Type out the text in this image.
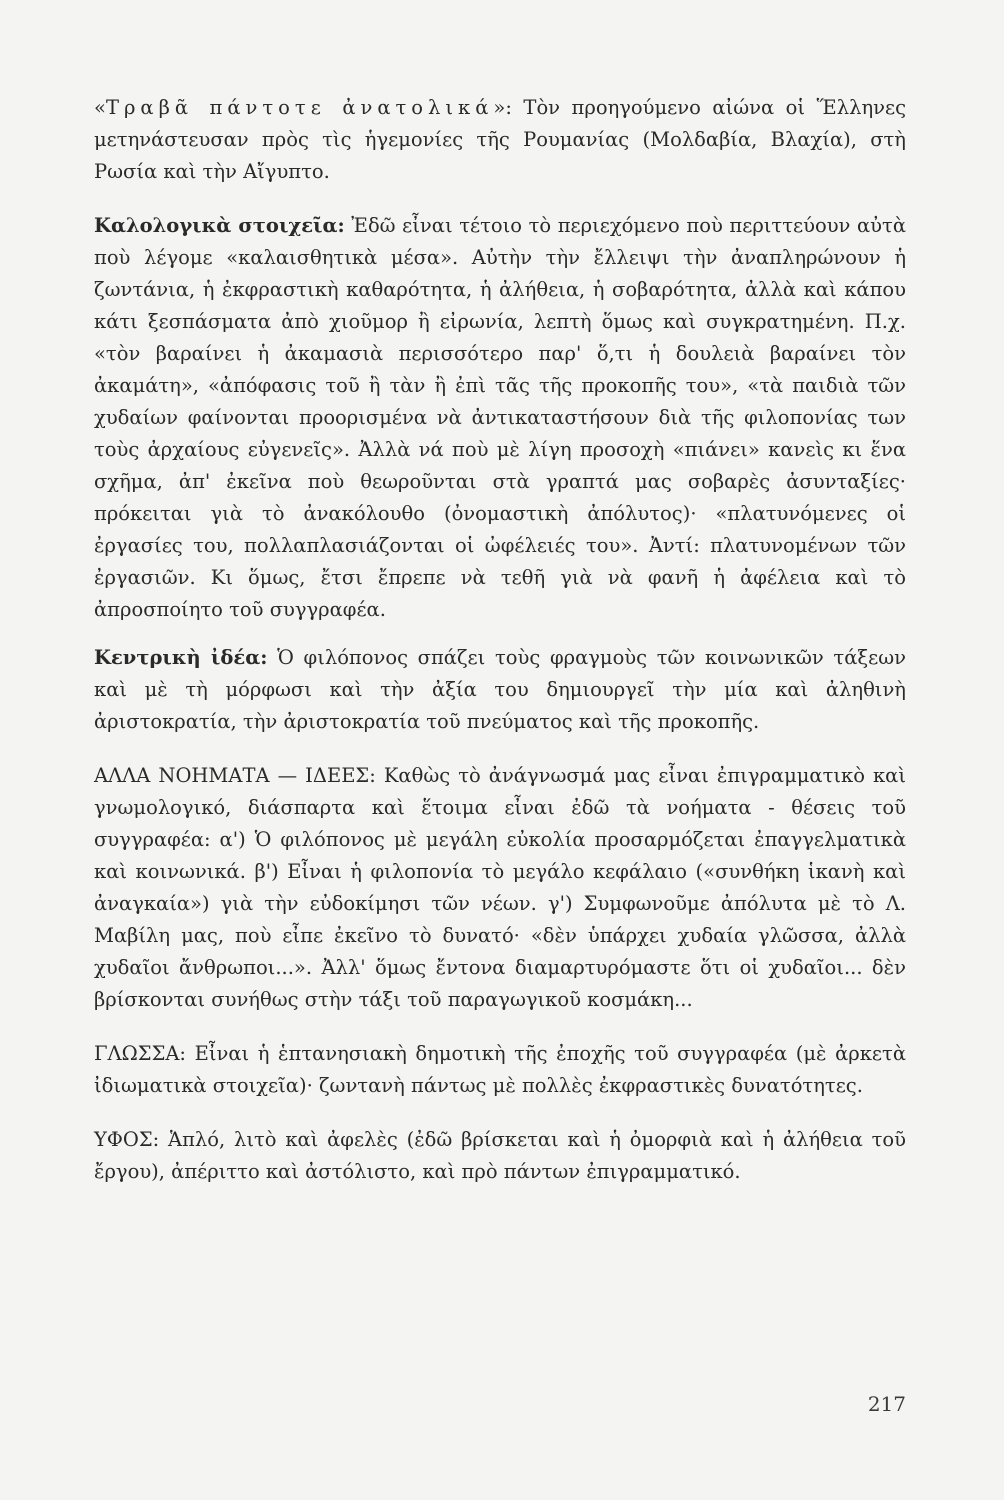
«Τραβᾶ πάντοτε ἀνατολικά»: Τὸν προηγούμενο αἰώνα οἱ Ἕλληνες μετηνάστευσαν πρὸς τὶς ἡγεμονίες τῆς Ρουμανίας (Μολδαβία, Βλαχία), στὴ Ρωσία καὶ τὴν Αἴγυπτο.

Καλολογικὰ στοιχεῖα: Ἐδῶ εἶναι τέτοιο τὸ περιεχόμενο ποὺ περιττεύουν αὐτὰ ποὺ λέγομε «καλαισθητικὰ μέσα». Αὐτὴν τὴν ἔλλειψι τὴν ἀναπληρώνουν ἡ ζωντάνια, ἡ ἐκφραστικὴ καθαρότητα, ἡ ἀλήθεια, ἡ σοβαρότητα, ἀλλὰ καὶ κάπου κάτι ξεσπάσματα ἀπὸ χιοῦμορ ἢ εἰρωνία, λεπτὴ ὅμως καὶ συγκρατημένη. Π.χ. «τὸν βαραίνει ἡ ἀκαμασιὰ περισσότερο παρ' ὅ,τι ἡ δουλειὰ βαραίνει τὸν ἀκαμάτη», «ἀπόφασις τοῦ ἢ τὰν ἢ ἐπὶ τᾶς τῆς προκοπῆς του», «τὰ παιδιὰ τῶν χυδαίων φαίνονται προορισμένα νὰ ἀντικαταστήσουν διὰ τῆς φιλοπονίας των τοὺς ἀρχαίους εὐγενεῖς». Ἀλλὰ νά ποὺ μὲ λίγη προσοχὴ «πιάνει» κανεὶς κι ἕνα σχῆμα, ἀπ' ἐκεῖνα ποὺ θεωροῦνται στὰ γραπτά μας σοβαρὲς ἀσυνταξίες· πρόκειται γιὰ τὸ ἀνακόλουθο (ὀνομαστικὴ ἀπόλυτος)· «πλατυνόμενες οἱ ἐργασίες του, πολλαπλασιάζονται οἱ ὠφέλειές του». Ἀντί: πλατυνομένων τῶν ἐργασιῶν. Κι ὅμως, ἔτσι ἔπρεπε νὰ τεθῆ γιὰ νὰ φανῆ ἡ ἀφέλεια καὶ τὸ ἀπροσποίητο τοῦ συγγραφέα.

Κεντρικὴ ἰδέα: Ὁ φιλόπονος σπάζει τοὺς φραγμοὺς τῶν κοινωνικῶν τάξεων καὶ μὲ τὴ μόρφωσι καὶ τὴν ἀξία του δημιουργεῖ τὴν μία καὶ ἀληθινὴ ἀριστοκρατία, τὴν ἀριστοκρατία τοῦ πνεύματος καὶ τῆς προκοπῆς.

ΑΛΛΑ ΝΟΗΜΑΤΑ — ΙΔΕΕΣ: Καθὼς τὸ ἀνάγνωσμά μας εἶναι ἐπιγραμματικὸ καὶ γνωμολογικό, διάσπαρτα καὶ ἕτοιμα εἶναι ἐδῶ τὰ νοήματα - θέσεις τοῦ συγγραφέα: α') Ὁ φιλόπονος μὲ μεγάλη εὐκολία προσαρμόζεται ἐπαγγελματικὰ καὶ κοινωνικά. β') Εἶναι ἡ φιλοπονία τὸ μεγάλο κεφάλαιο («συνθήκη ἱκανὴ καὶ ἀναγκαία») γιὰ τὴν εὐδοκίμησι τῶν νέων. γ') Συμφωνοῦμε ἀπόλυτα μὲ τὸ Λ. Μαβίλη μας, ποὺ εἶπε ἐκεῖνο τὸ δυνατό· «δὲν ὑπάρχει χυδαία γλῶσσα, ἀλλὰ χυδαῖοι ἄνθρωποι...». Ἀλλ' ὅμως ἔντονα διαμαρτυρόμαστε ὅτι οἱ χυδαῖοι... δὲν βρίσκονται συνήθως στὴν τάξι τοῦ παραγωγικοῦ κοσμάκη...

ΓΛΩΣΣΑ: Εἶναι ἡ ἑπτανησιακὴ δημοτικὴ τῆς ἐποχῆς τοῦ συγγραφέα (μὲ ἀρκετὰ ἰδιωματικὰ στοιχεῖα)· ζωντανὴ πάντως μὲ πολλὲς ἐκφραστικὲς δυνατότητες.

ΥΦΟΣ: Ἁπλό, λιτὸ καὶ ἀφελὲς (ἐδῶ βρίσκεται καὶ ἡ ὀμορφιὰ καὶ ἡ ἀλήθεια τοῦ ἔργου), ἀπέριττο καὶ ἀστόλιστο, καὶ πρὸ πάντων ἐπιγραμματικό.

217
